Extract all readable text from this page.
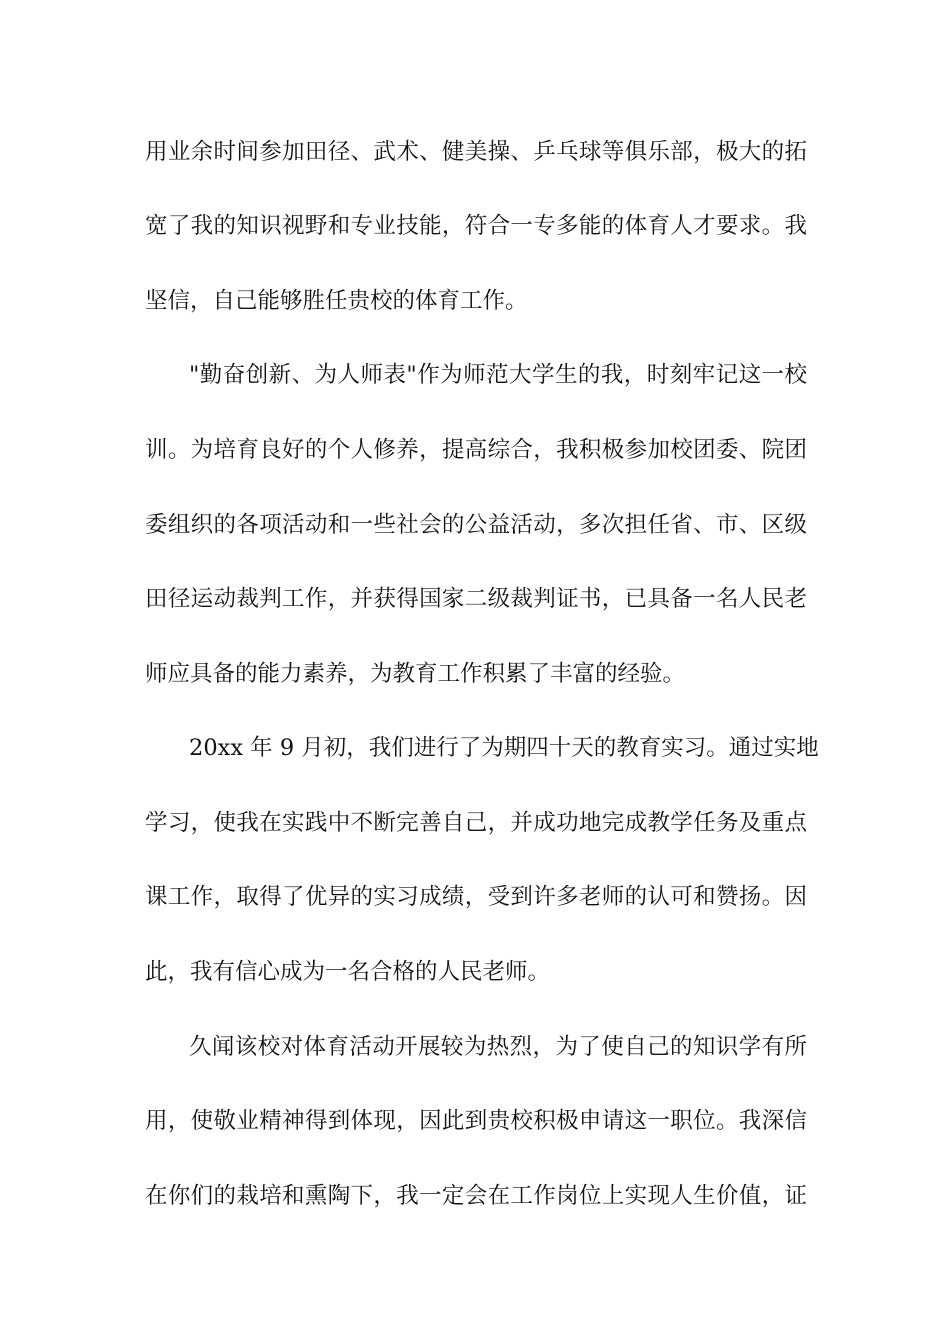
用业余时间参加田径、武术、健美操、乒乓球等俱乐部，极大的拓
宽了我的知识视野和专业技能，符合一专多能的体育人才要求。我
坚信，自己能够胜任贵校的体育工作。
"勤奋创新、为人师表"作为师范大学生的我，时刻牢记这一校
训。为培育良好的个人修养，提高综合，我积极参加校团委、院团
委组织的各项活动和一些社会的公益活动，多次担任省、市、区级
田径运动裁判工作，并获得国家二级裁判证书，已具备一名人民老
师应具备的能力素养，为教育工作积累了丰富的经验。
20xx 年 9 月初，我们进行了为期四十天的教育实习。通过实地
学习，使我在实践中不断完善自己，并成功地完成教学任务及重点
课工作，取得了优异的实习成绩，受到许多老师的认可和赞扬。因
此，我有信心成为一名合格的人民老师。
久闻该校对体育活动开展较为热烈，为了使自己的知识学有所
用，使敬业精神得到体现，因此到贵校积极申请这一职位。我深信
在你们的栽培和熏陶下，我一定会在工作岗位上实现人生价值，证
